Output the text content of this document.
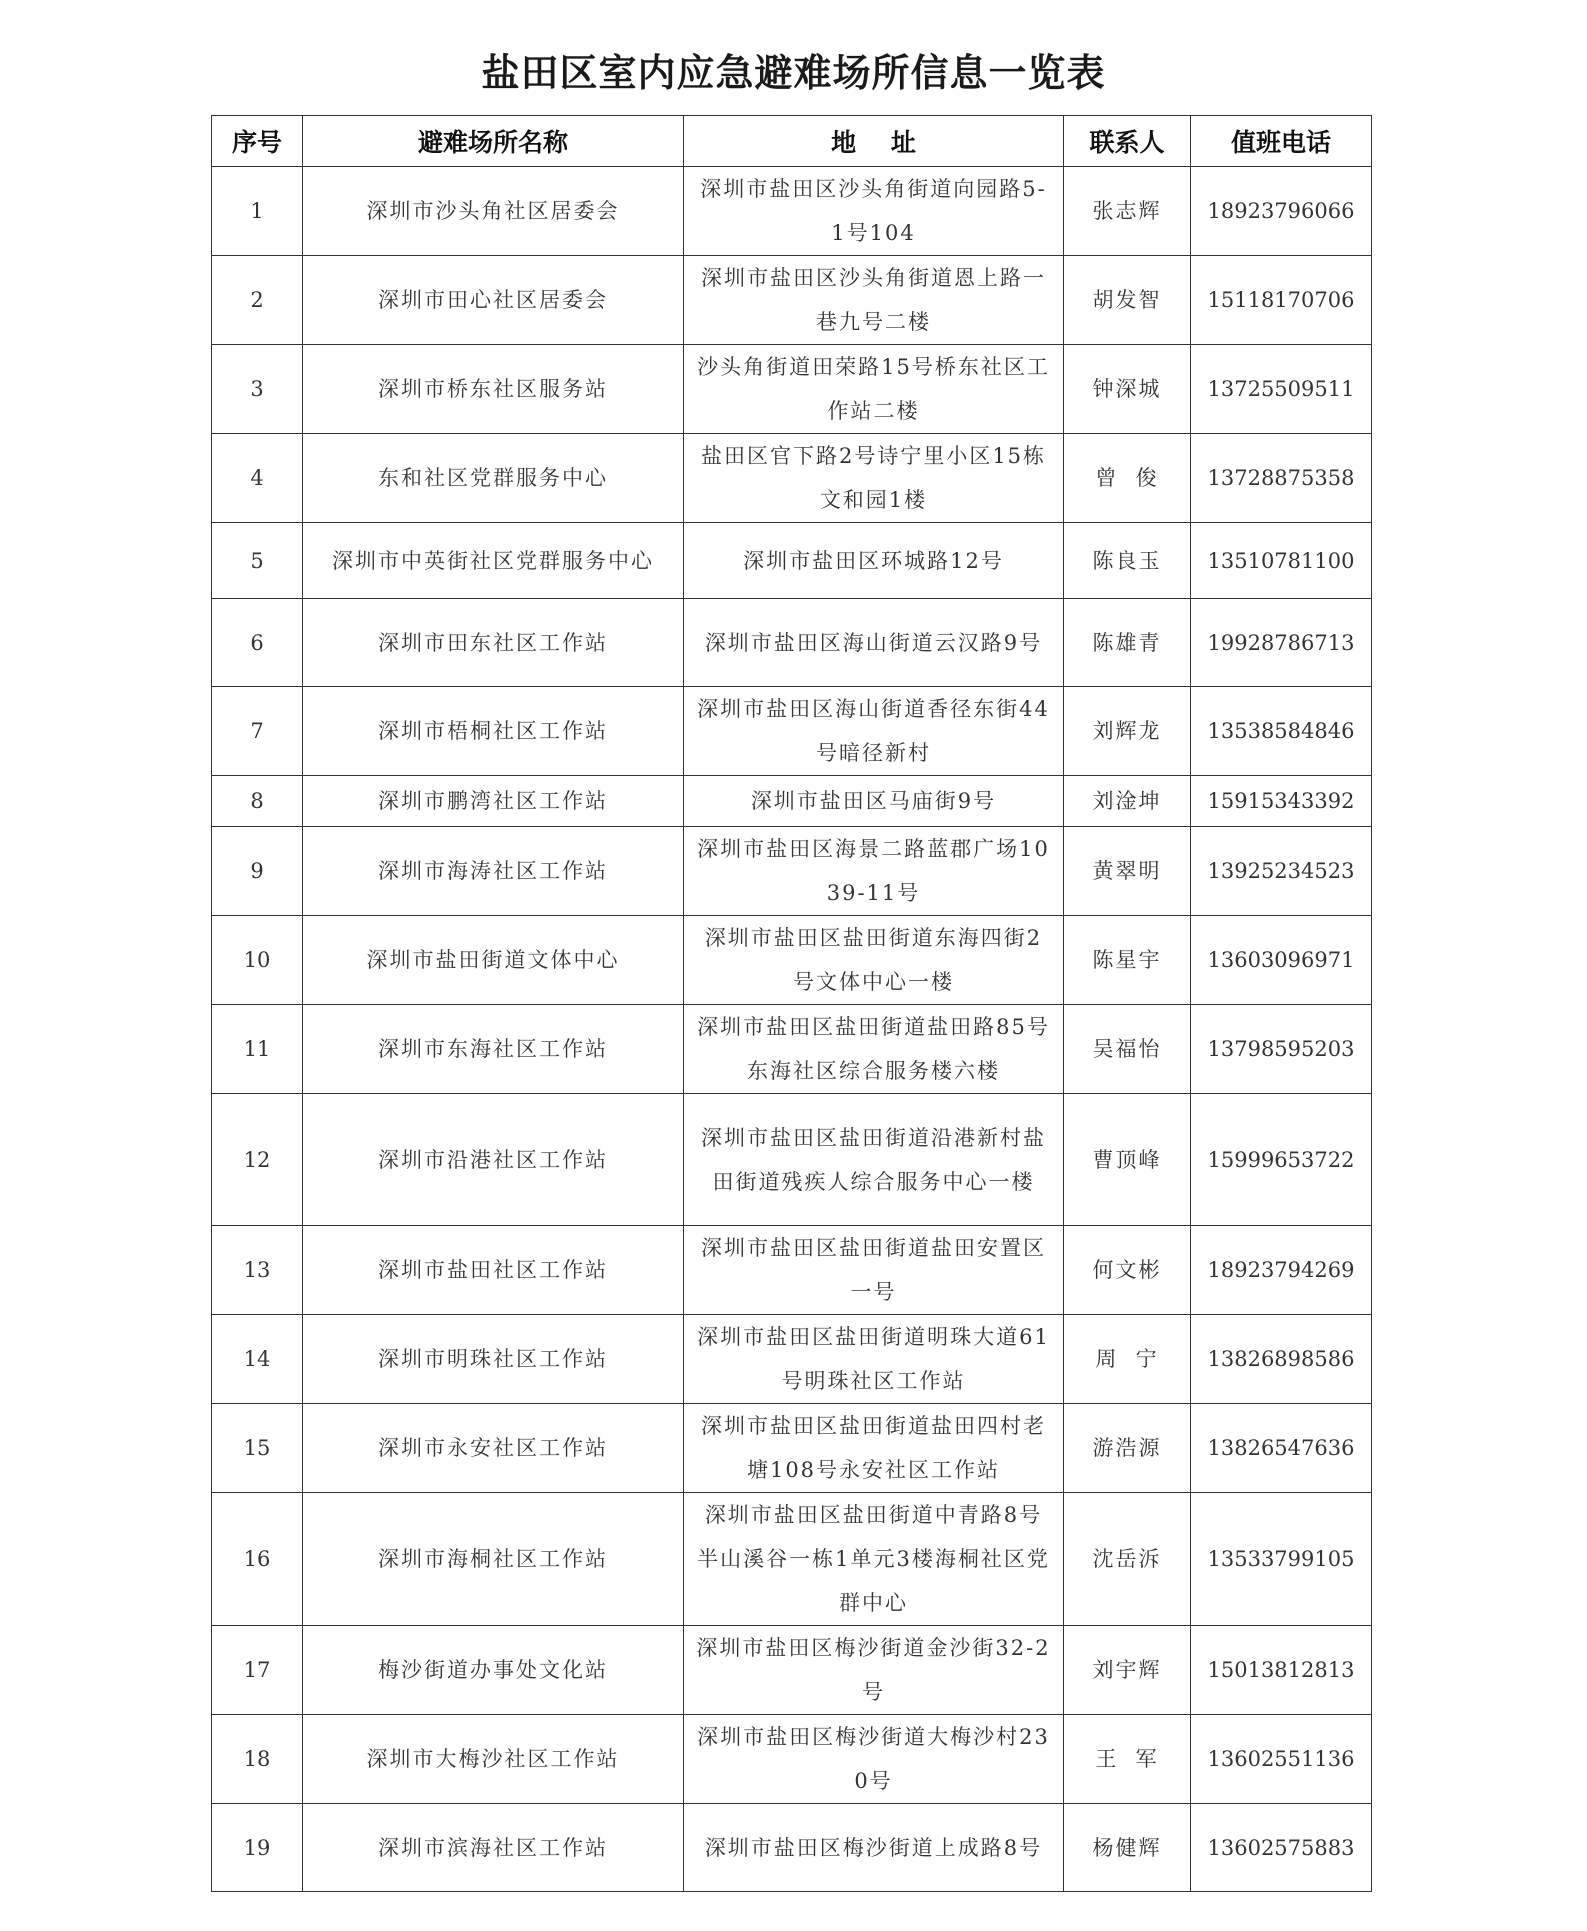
盐田区室内应急避难场所信息一览表
序号	避难场所名称	地    址	联系人	值班电话
1	深圳市沙头角社区居委会	深圳市盐田区沙头角街道向园路5-1号104	张志辉	18923796066
2	深圳市田心社区居委会	深圳市盐田区沙头角街道恩上路一巷九号二楼	胡发智	15118170706
3	深圳市桥东社区服务站	沙头角街道田荣路15号桥东社区工作站二楼	钟深城	13725509511
4	东和社区党群服务中心	盐田区官下路2号诗宁里小区15栋文和园1楼	曾  俊	13728875358
5	深圳市中英街社区党群服务中心	深圳市盐田区环城路12号	陈良玉	13510781100
6	深圳市田东社区工作站	深圳市盐田区海山街道云汉路9号	陈雄青	19928786713
7	深圳市梧桐社区工作站	深圳市盐田区海山街道香径东街44号暗径新村	刘辉龙	13538584846
8	深圳市鹏湾社区工作站	深圳市盐田区马庙街9号	刘淦坤	15915343392
9	深圳市海涛社区工作站	深圳市盐田区海景二路蓝郡广场1039-11号	黄翠明	13925234523
10	深圳市盐田街道文体中心	深圳市盐田区盐田街道东海四街2号文体中心一楼	陈星宇	13603096971
11	深圳市东海社区工作站	深圳市盐田区盐田街道盐田路85号东海社区综合服务楼六楼	吴福怡	13798595203
12	深圳市沿港社区工作站	深圳市盐田区盐田街道沿港新村盐田街道残疾人综合服务中心一楼	曹顶峰	15999653722
13	深圳市盐田社区工作站	深圳市盐田区盐田街道盐田安置区一号	何文彬	18923794269
14	深圳市明珠社区工作站	深圳市盐田区盐田街道明珠大道61号明珠社区工作站	周  宁	13826898586
15	深圳市永安社区工作站	深圳市盐田区盐田街道盐田四村老塘108号永安社区工作站	游浩源	13826547636
16	深圳市海桐社区工作站	深圳市盐田区盐田街道中青路8号半山溪谷一栋1单元3楼海桐社区党群中心	沈岳泝	13533799105
17	梅沙街道办事处文化站	深圳市盐田区梅沙街道金沙街32-2号	刘宇辉	15013812813
18	深圳市大梅沙社区工作站	深圳市盐田区梅沙街道大梅沙村230号	王  军	13602551136
19	深圳市滨海社区工作站	深圳市盐田区梅沙街道上成路8号	杨健辉	13602575883
